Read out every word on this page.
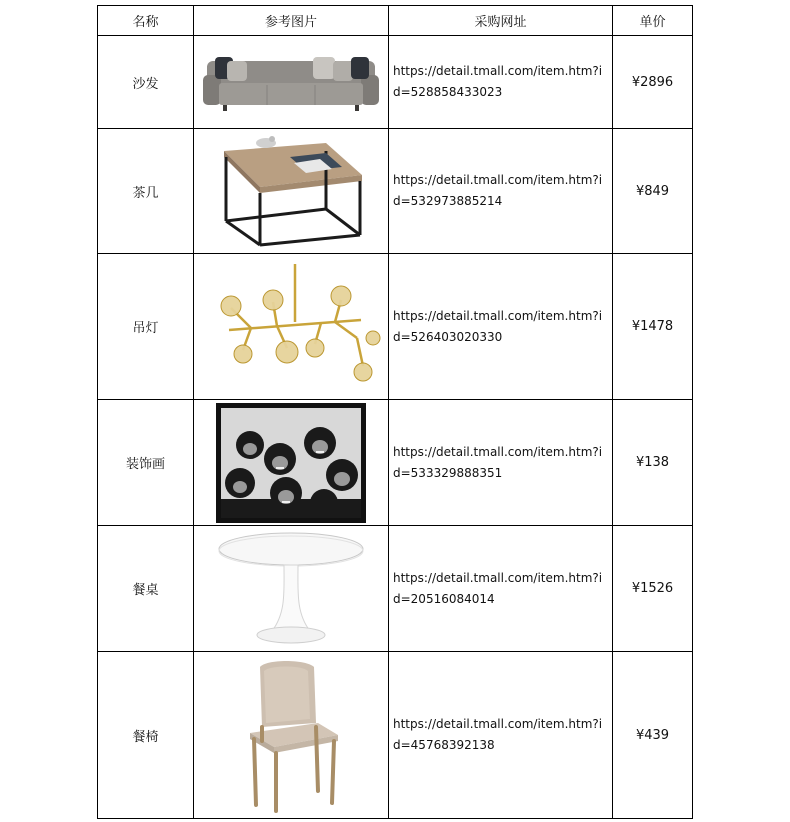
名称	参考图片	采购网址	单价
沙发		https://detail.tmall.com/item.htm?id=528858433023	¥2896
茶几		https://detail.tmall.com/item.htm?id=532973885214	¥849
吊灯		https://detail.tmall.com/item.htm?id=526403020330	¥1478
装饰画		https://detail.tmall.com/item.htm?id=533329888351	¥138
餐桌		https://detail.tmall.com/item.htm?id=20516084014	¥1526
餐椅		https://detail.tmall.com/item.htm?id=45768392138	¥439
